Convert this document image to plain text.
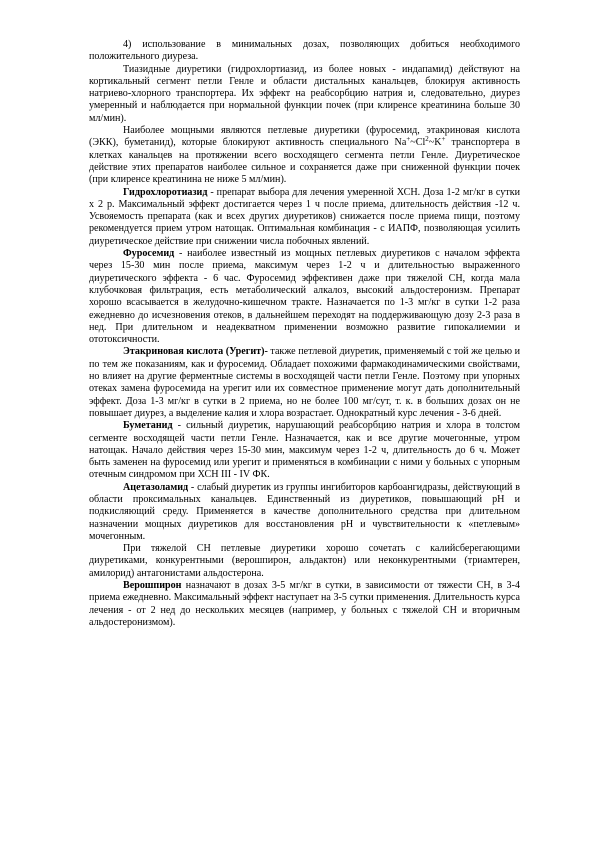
4) использование в минимальных дозах, позволяющих добиться необходимого положительного диуреза.

Тиазидные диуретики (гидрохлортиазид, из более новых - индапамид) действуют на кортикальный сегмент петли Генле и области дистальных канальцев, блокируя активность натриево-хлорного транспортера. Их эффект на реабсорбцию натрия и, следовательно, диурез умеренный и наблюдается при нормальной функции почек (при клиренсе креатинина больше 30 мл/мин).

Наиболее мощными являются петлевые диуретики (фуросемид, этакриновая кислота (ЭКК), буметанид), которые блокируют активность специального Na+~Cl$^2$~K+ транспортера в клетках канальцев на протяжении всего восходящего сегмента петли Генле. Диуретическое действие этих препаратов наиболее сильное и сохраняется даже при сниженной функции почек (при клиренсе креатинина не ниже 5 мл/мин).

Гидрохлоротиазид - препарат выбора для лечения умеренной ХСН. Доза 1-2 мг/кг в сутки х 2 р. Максимальный эффект достигается через 1 ч после приема, длительность действия -12 ч. Усвояемость препарата (как и всех других диуретиков) снижается после приема пищи, поэтому рекомендуется прием утром натощак. Оптимальная комбинация - с ИАПФ, позволяющая усилить диуретическое действие при снижении числа побочных явлений.

Фуросемид - наиболее известный из мощных петлевых диуретиков с началом эффекта через 15-30 мин после приема, максимум через 1-2 ч и длительностью выраженного диуретического эффекта - 6 час. Фуросемид эффективен даже при тяжелой СН, когда мала клубочковая фильтрация, есть метаболический алкалоз, высокий альдостеронизм. Препарат хорошо всасывается в желудочно-кишечном тракте. Назначается по 1-3 мг/кг в сутки 1-2 раза ежедневно до исчезновения отеков, в дальнейшем переходят на поддерживающую дозу 2-3 раза в нед. При длительном и неадекватном применении возможно развитие гипокалиемии и ототоксичности.

Этакриновая кислота (Урегит)- также петлевой диуретик, применяемый с той же целью и по тем же показаниям, как и фуросемид. Обладает похожими фармакодинамическими свойствами, но влияет на другие ферментные системы в восходящей части петли Генле. Поэтому при упорных отеках замена фуросемида на урегит или их совместное применение могут дать дополнительный эффект. Доза 1-3 мг/кг в сутки в 2 приема, но не более 100 мг/сут, т. к. в больших дозах он не повышает диурез, а выделение калия и хлора возрастает. Однократный курс лечения - 3-6 дней.

Буметанид - сильный диуретик, нарушающий реабсорбцию натрия и хлора в толстом сегменте восходящей части петли Генле. Назначается, как и все другие мочегонные, утром натощак. Начало действия через 15-30 мин, максимум через 1-2 ч, длительность до 6 ч. Может быть заменен на фуросемид или урегит и применяться в комбинации с ними у больных с упорным отечным синдромом при ХСН III - IV ФК.

Ацетазоламид - слабый диуретик из группы ингибиторов карбоангидразы, действующий в области проксимальных канальцев. Единственный из диуретиков, повышающий рН и подкисляющий среду. Применяется в качестве дополнительного средства при длительном назначении мощных диуретиков для восстановления рН и чувствительности к «петлевым» мочегонным.

При тяжелой СН петлевые диуретики хорошо сочетать с калийсберегающими диуретиками, конкурентными (верошпирон, альдактон) или неконкурентными (триамтерен, амилорид) антагонистами альдостерона.

Верошпирон назначают в дозах 3-5 мг/кг в сутки, в зависимости от тяжести СН, в 3-4 приема ежедневно. Максимальный эффект наступает на 3-5 сутки применения. Длительность курса лечения - от 2 нед до нескольких месяцев (например, у больных с тяжелой СН и вторичным альдостеронизмом).
